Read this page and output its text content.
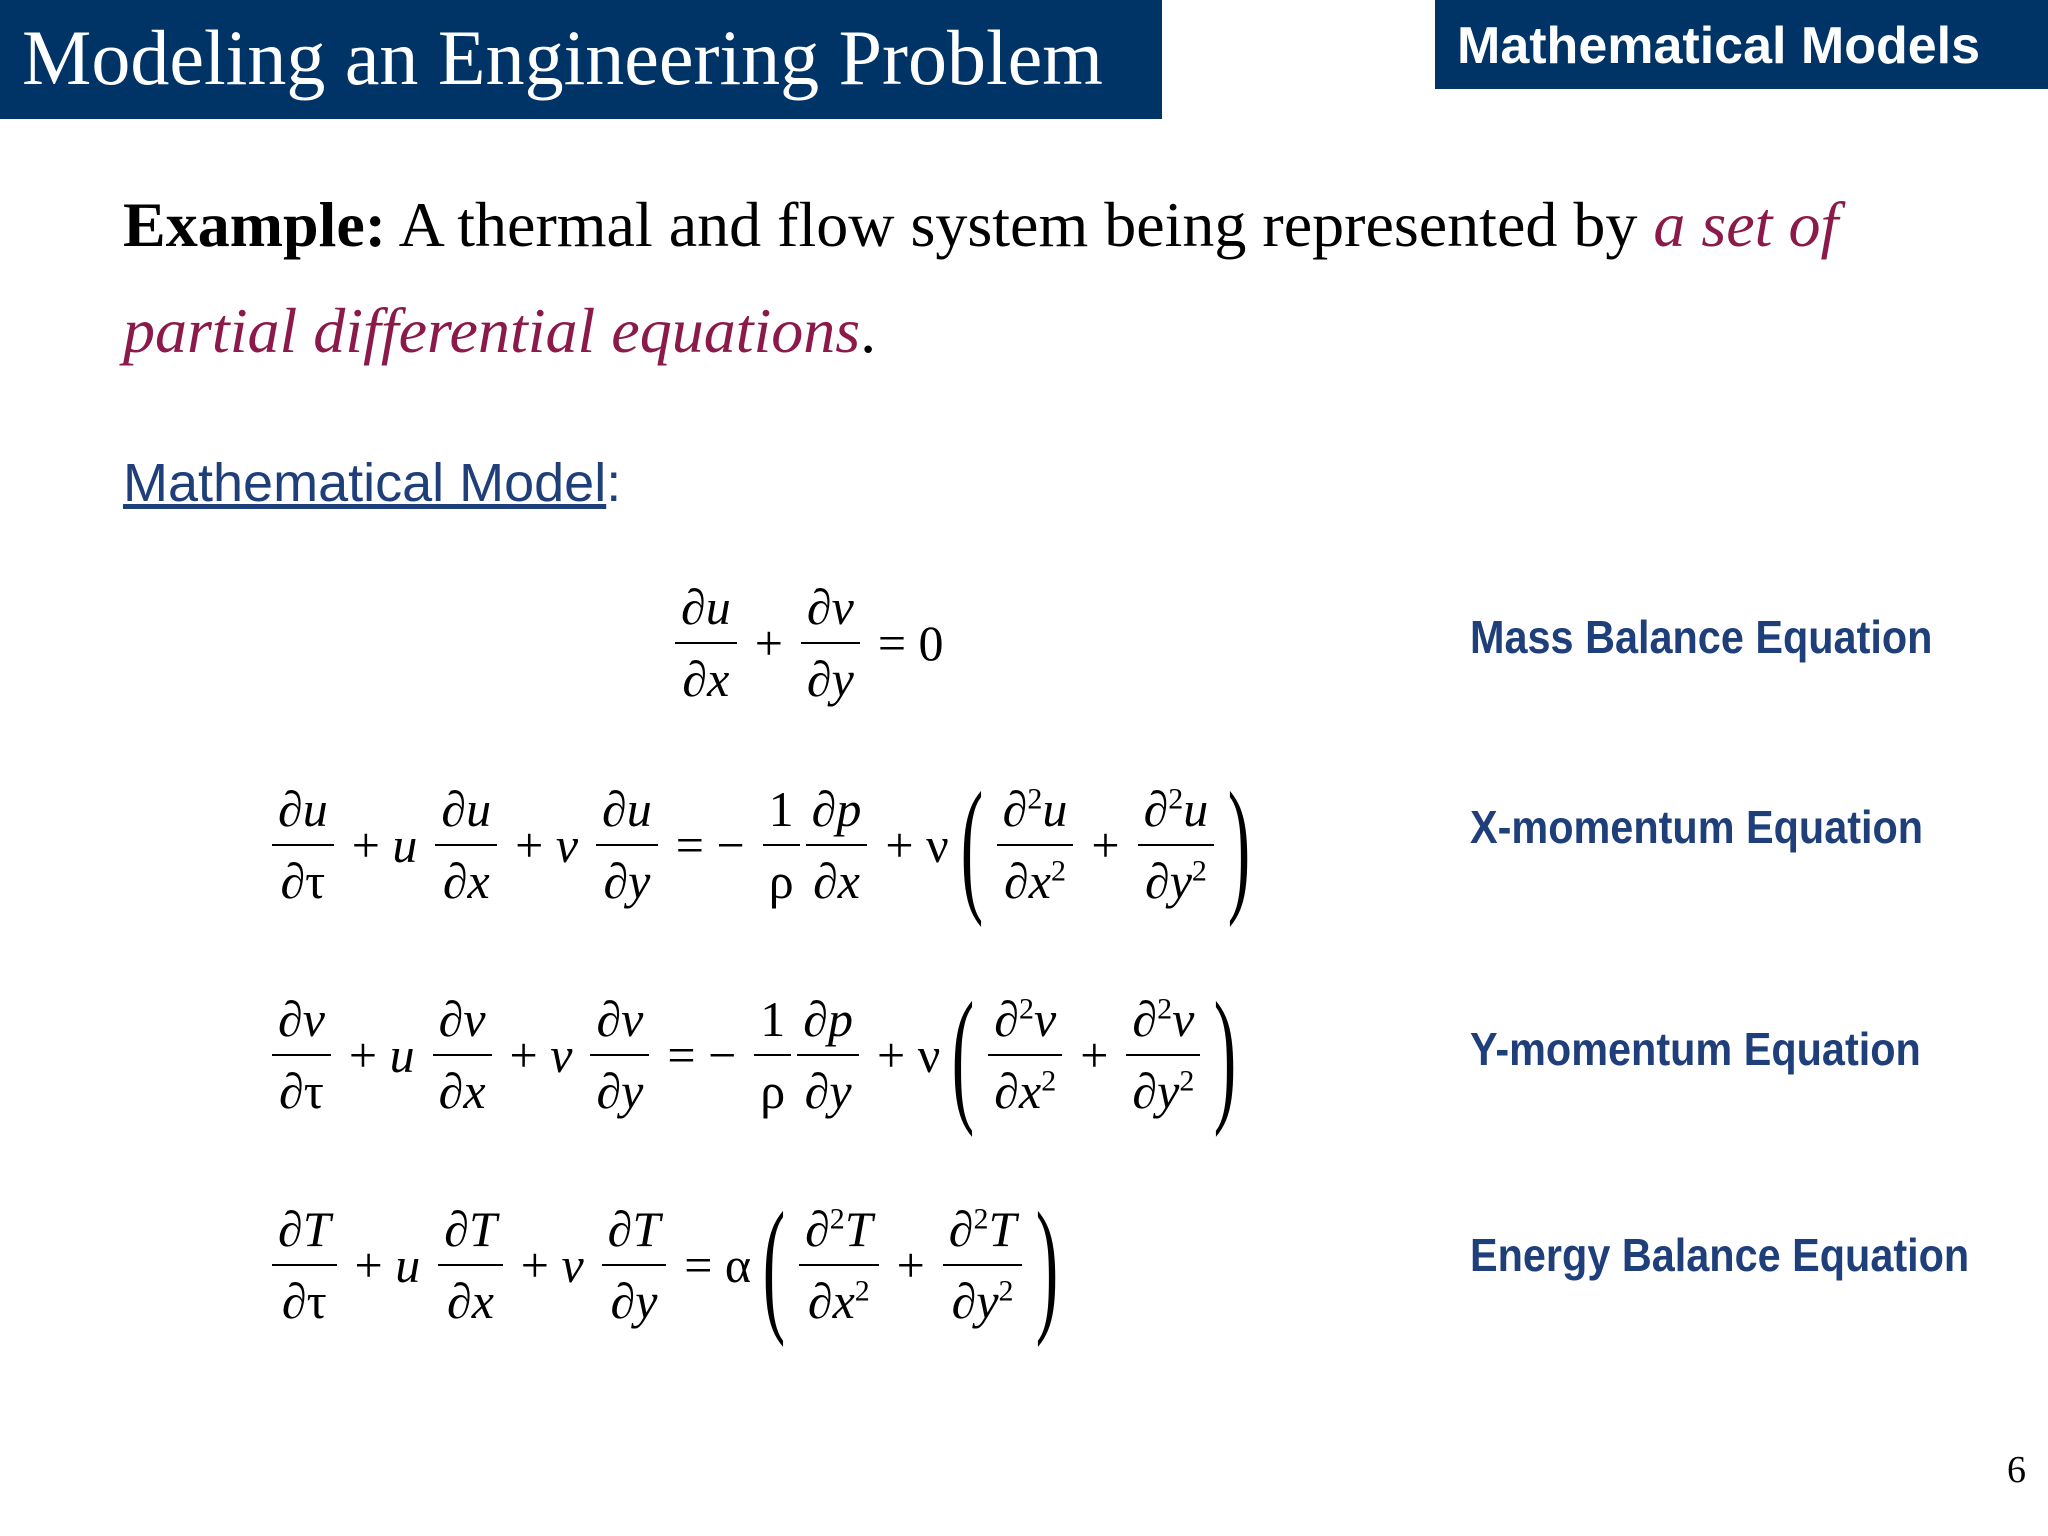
Modeling an Engineering Problem	Mathematical Models
Example: A thermal and flow system being represented by a set of partial differential equations.
Mathematical Model:
$\frac{\partial u}{\partial x} + \frac{\partial v}{\partial y} = 0$	Mass Balance Equation
$\frac{\partial u}{\partial\tau} + u \frac{\partial u}{\partial x} + v \frac{\partial u}{\partial y}$ = − $\frac{1}{\rho} \frac{\partial p}{\partial x} + \nu$ ( $\frac{\partial^2u}{\partial x^2} + \frac{\partial^2u}{\partial y^2}$ )	X-momentum Equation
$\frac{\partial v}{\partial\tau} + u \frac{\partial v}{\partial x} + v \frac{\partial v}{\partial y}$ = − $\frac{1}{\rho} \frac{\partial p}{\partial y} + \nu$ ( $\frac{\partial^2v}{\partial x^2} + \frac{\partial^2v}{\partial y^2}$ )	Y-momentum Equation
$\frac{\partial T}{\partial\tau} + u \frac{\partial T}{\partial x} + v \frac{\partial T}{\partial y} = \alpha$ ( $\frac{\partial^2T}{\partial x^2} + \frac{\partial^2T}{\partial y^2}$ )	Energy Balance Equation
6
